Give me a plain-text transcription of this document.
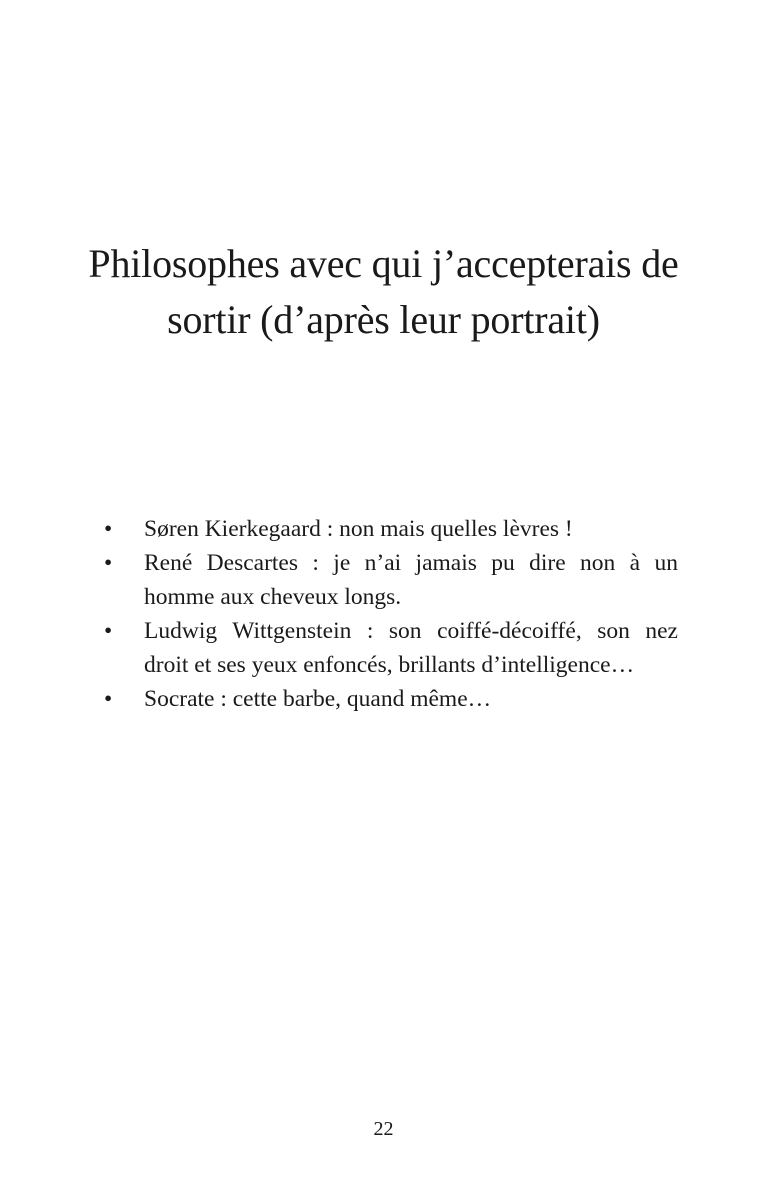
Philosophes avec qui j’accepterais de
sortir (d’après leur portrait)
•	Søren Kierkegaard : non mais quelles lèvres !
•	René Descartes : je n’ai jamais pu dire non à un
homme aux cheveux longs.
•	Ludwig Wittgenstein : son coiffé-décoiffé, son nez
droit et ses yeux enfoncés, brillants d’intelligence…
•	Socrate : cette barbe, quand même…
22
